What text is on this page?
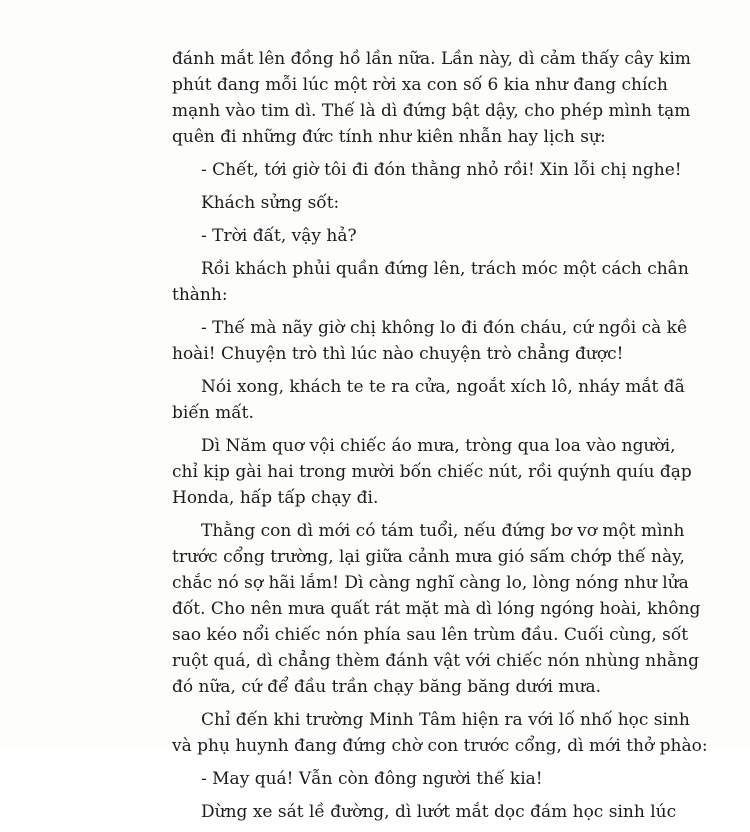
đánh mắt lên đồng hồ lần nữa. Lần này, dì cảm thấy cây kim
phút đang mỗi lúc một rời xa con số 6 kia như đang chích
mạnh vào tim dì. Thế là dì đứng bật dậy, cho phép mình tạm
quên đi những đức tính như kiên nhẫn hay lịch sự:
- Chết, tới giờ tôi đi đón thằng nhỏ rồi! Xin lỗi chị nghe!
Khách sửng sốt:
- Trời đất, vậy hả?
Rồi khách phủi quần đứng lên, trách móc một cách chân
thành:
- Thế mà nãy giờ chị không lo đi đón cháu, cứ ngồi cà kê
hoài! Chuyện trò thì lúc nào chuyện trò chẳng được!
Nói xong, khách te te ra cửa, ngoắt xích lô, nháy mắt đã
biến mất.
Dì Năm quơ vội chiếc áo mưa, tròng qua loa vào người,
chỉ kịp gài hai trong mười bốn chiếc nút, rồi quýnh quíu đạp
Honda, hấp tấp chạy đi.
Thằng con dì mới có tám tuổi, nếu đứng bơ vơ một mình
trước cổng trường, lại giữa cảnh mưa gió sấm chớp thế này,
chắc nó sợ hãi lắm! Dì càng nghĩ càng lo, lòng nóng như lửa
đốt. Cho nên mưa quất rát mặt mà dì lóng ngóng hoài, không
sao kéo nổi chiếc nón phía sau lên trùm đầu. Cuối cùng, sốt
ruột quá, dì chẳng thèm đánh vật với chiếc nón nhùng nhằng
đó nữa, cứ để đầu trần chạy băng băng dưới mưa.
Chỉ đến khi trường Minh Tâm hiện ra với lố nhố học sinh
và phụ huynh đang đứng chờ con trước cổng, dì mới thở phào:
- May quá! Vẫn còn đông người thế kia!
Dừng xe sát lề đường, dì lướt mắt dọc đám học sinh lúc
